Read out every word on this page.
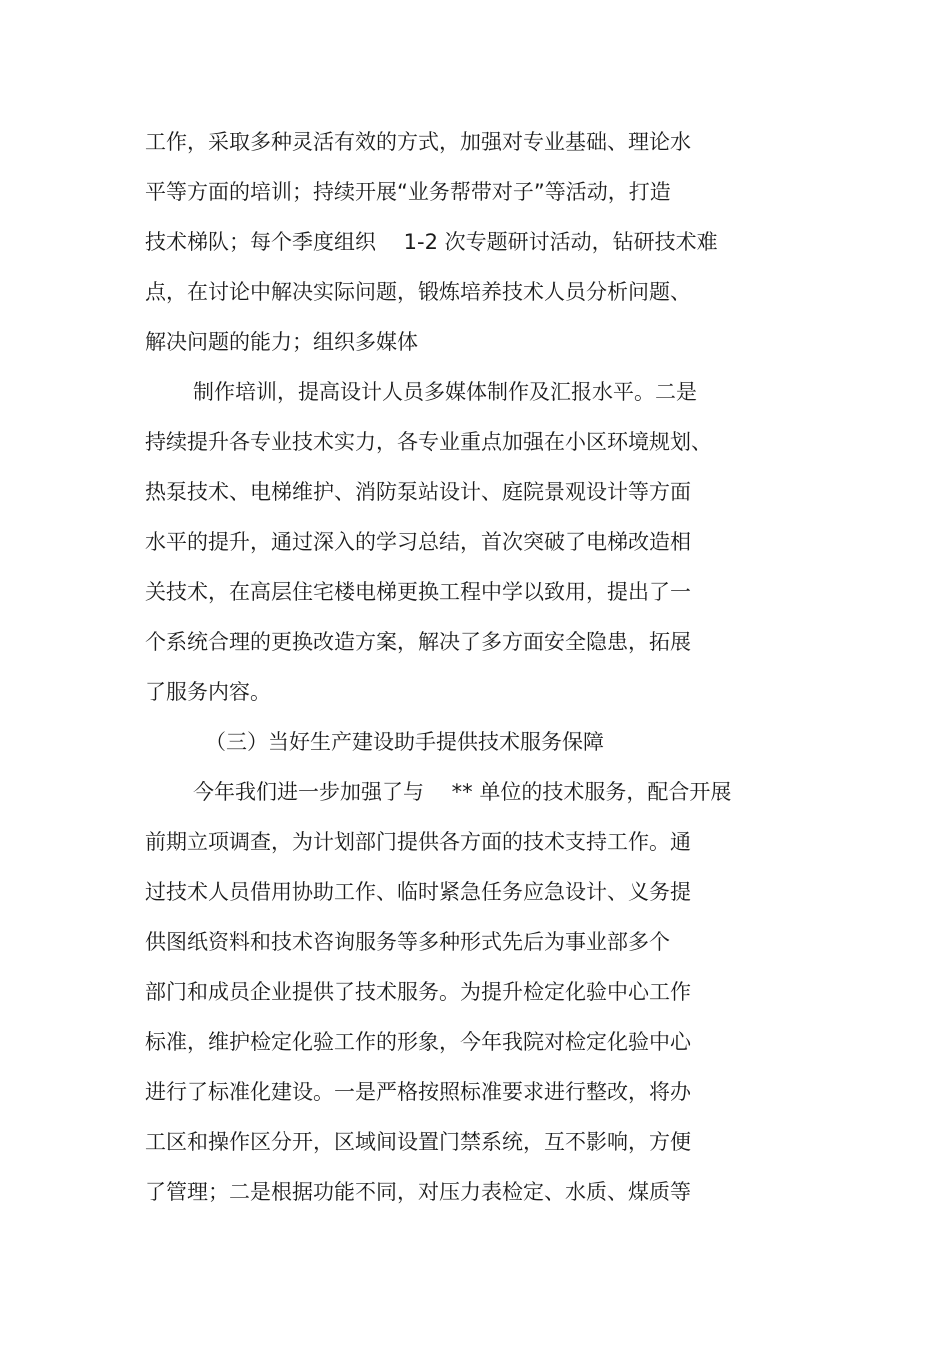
工作，采取多种灵活有效的方式，加强对专业基础、理论水
平等方面的培训；持续开展“业务帮带对子”等活动，打造
技术梯队；每个季度组织　 1-2 次专题研讨活动，钻研技术难
点，在讨论中解决实际问题，锻炼培养技术人员分析问题、
解决问题的能力；组织多媒体
制作培训，提高设计人员多媒体制作及汇报水平。二是
持续提升各专业技术实力，各专业重点加强在小区环境规划、
热泵技术、电梯维护、消防泵站设计、庭院景观设计等方面
水平的提升，通过深入的学习总结，首次突破了电梯改造相
关技术，在高层住宅楼电梯更换工程中学以致用，提出了一
个系统合理的更换改造方案，解决了多方面安全隐患，拓展
了服务内容。
（三）当好生产建设助手提供技术服务保障
今年我们进一步加强了与　 ** 单位的技术服务，配合开展
前期立项调查，为计划部门提供各方面的技术支持工作。通
过技术人员借用协助工作、临时紧急任务应急设计、义务提
供图纸资料和技术咨询服务等多种形式先后为事业部多个
部门和成员企业提供了技术服务。为提升检定化验中心工作
标准，维护检定化验工作的形象，今年我院对检定化验中心
进行了标准化建设。一是严格按照标准要求进行整改，将办
工区和操作区分开，区域间设置门禁系统，互不影响，方便
了管理；二是根据功能不同，对压力表检定、水质、煤质等
